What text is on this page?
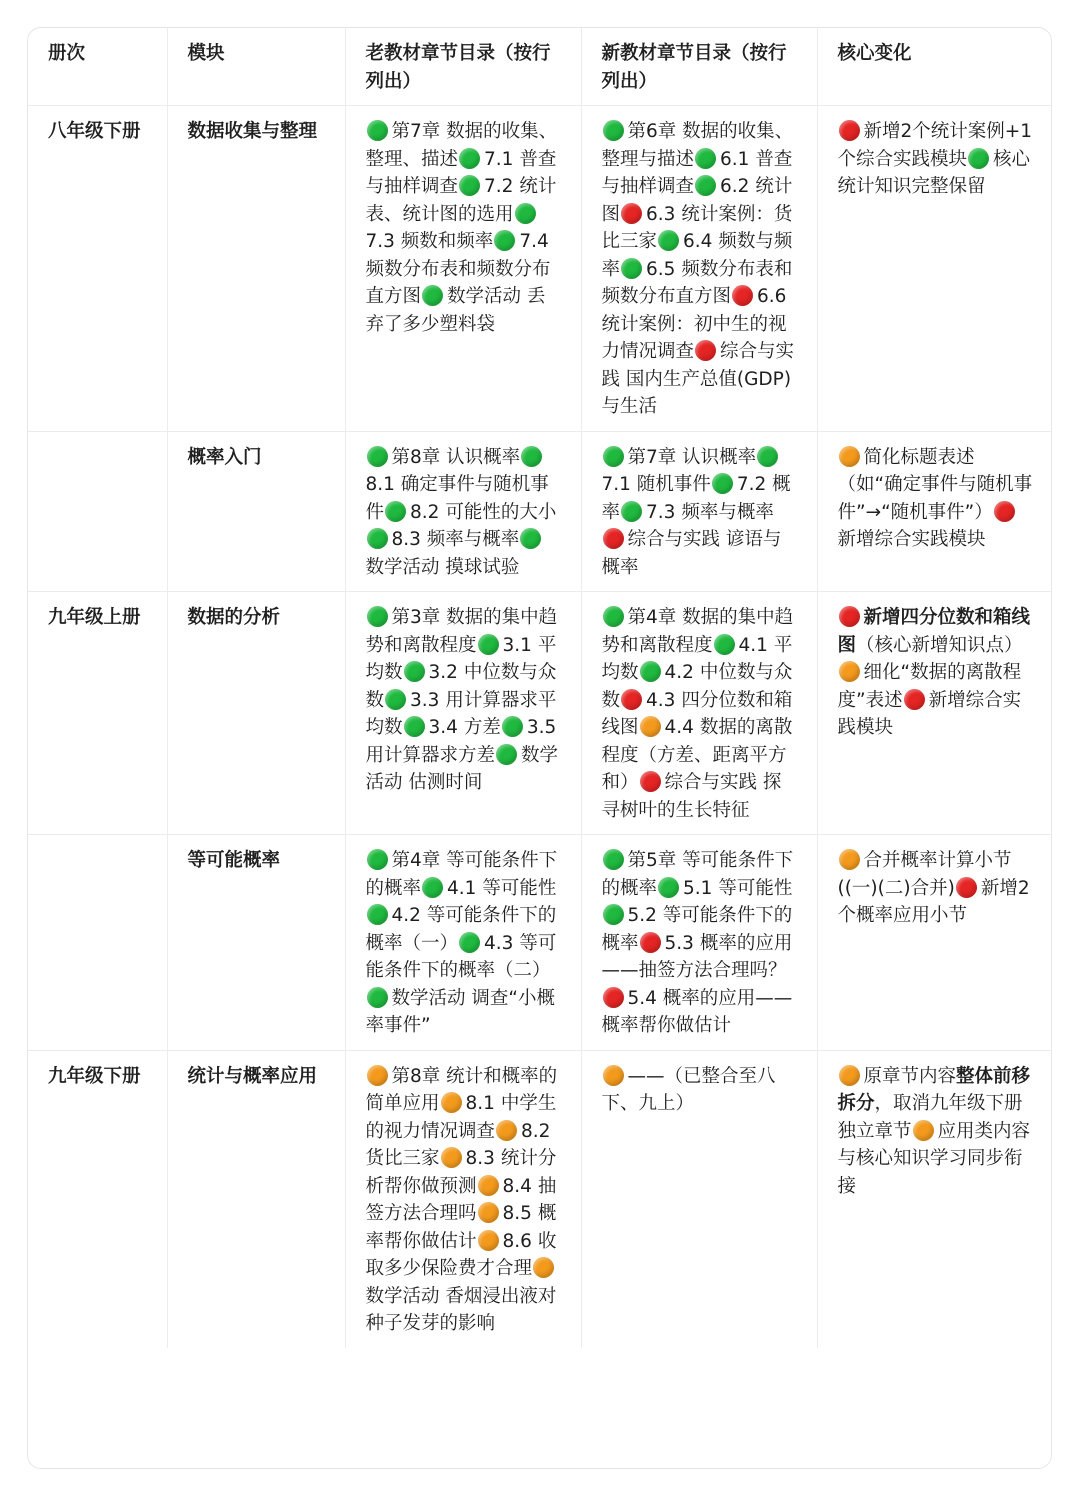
册次	模块	老教材章节目录（按行列出）	新教材章节目录（按行列出）	核心变化
八年级下册	数据收集与整理	第7章 数据的收集、整理、描述 7.1 普查与抽样调查 7.2 统计表、统计图的选用7.3 频数和频率 7.4 频数分布表和频数分布直方图 数学活动 丢弃了多少塑料袋	第6章 数据的收集、整理与描述 6.1 普查与抽样调查 6.2 统计图 6.3 统计案例：货比三家 6.4 频数与频率 6.5 频数分布表和频数分布直方图 6.6 统计案例：初中生的视力情况调查 综合与实践 国内生产总值(GDP)与生活	新增2个统计案例+1个综合实践模块 核心统计知识完整保留
	概率入门	第8章 认识概率8.1 确定事件与随机事件 8.2 可能性的大小8.3 频率与概率数学活动 摸球试验	第7章 认识概率7.1 随机事件 7.2 概率 7.3 频率与概率综合与实践 谚语与概率	简化标题表述（如“确定事件与随机事件”→“随机事件”）新增综合实践模块
九年级上册	数据的分析	第3章 数据的集中趋势和离散程度 3.1 平均数 3.2 中位数与众数 3.3 用计算器求平均数 3.4 方差 3.5 用计算器求方差 数学活动 估测时间	第4章 数据的集中趋势和离散程度 4.1 平均数 4.2 中位数与众数 4.3 四分位数和箱线图 4.4 数据的离散程度（方差、距离平方和） 综合与实践 探寻树叶的生长特征	新增四分位数和箱线图（核心新增知识点）细化“数据的离散程度”表述 新增综合实践模块
	等可能概率	第4章 等可能条件下的概率 4.1 等可能性4.2 等可能条件下的概率（一） 4.3 等可能条件下的概率（二）数学活动 调查“小概率事件”	第5章 等可能条件下的概率 5.1 等可能性5.2 等可能条件下的概率 5.3 概率的应用——抽签方法合理吗？5.4 概率的应用——概率帮你做估计	合并概率计算小节((一)(二)合并) 新增2个概率应用小节
九年级下册	统计与概率应用	第8章 统计和概率的简单应用 8.1 中学生的视力情况调查 8.2 货比三家 8.3 统计分析帮你做预测 8.4 抽签方法合理吗 8.5 概率帮你做估计 8.6 收取多少保险费才合理数学活动 香烟浸出液对种子发芽的影响	——（已整合至八下、九上）	原章节内容整体前移拆分，取消九年级下册独立章节 应用类内容与核心知识学习同步衔接
